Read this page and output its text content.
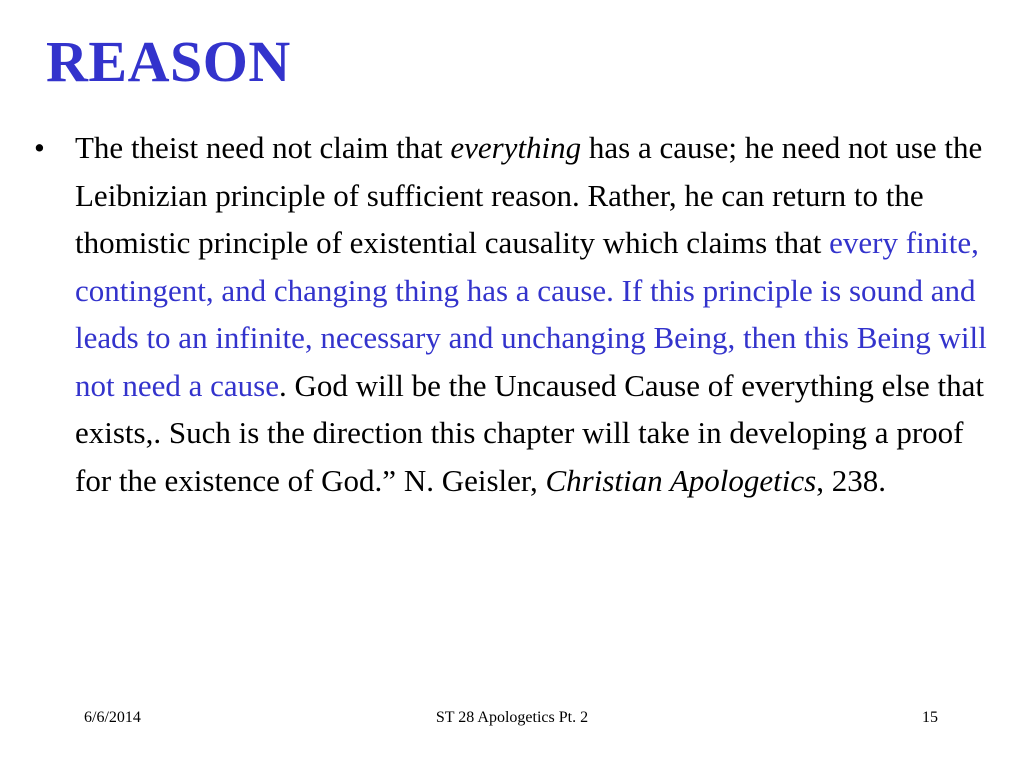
REASON
• The theist need not claim that everything has a cause; he need not use the Leibnizian principle of sufficient reason. Rather, he can return to the thomistic principle of existential causality which claims that every finite, contingent, and changing thing has a cause. If this principle is sound and leads to an infinite, necessary and unchanging Being, then this Being will not need a cause. God will be the Uncaused Cause of everything else that exists,. Such is the direction this chapter will take in developing a proof for the existence of God.” N. Geisler, Christian Apologetics, 238.
6/6/2014	ST 28 Apologetics Pt. 2	15
